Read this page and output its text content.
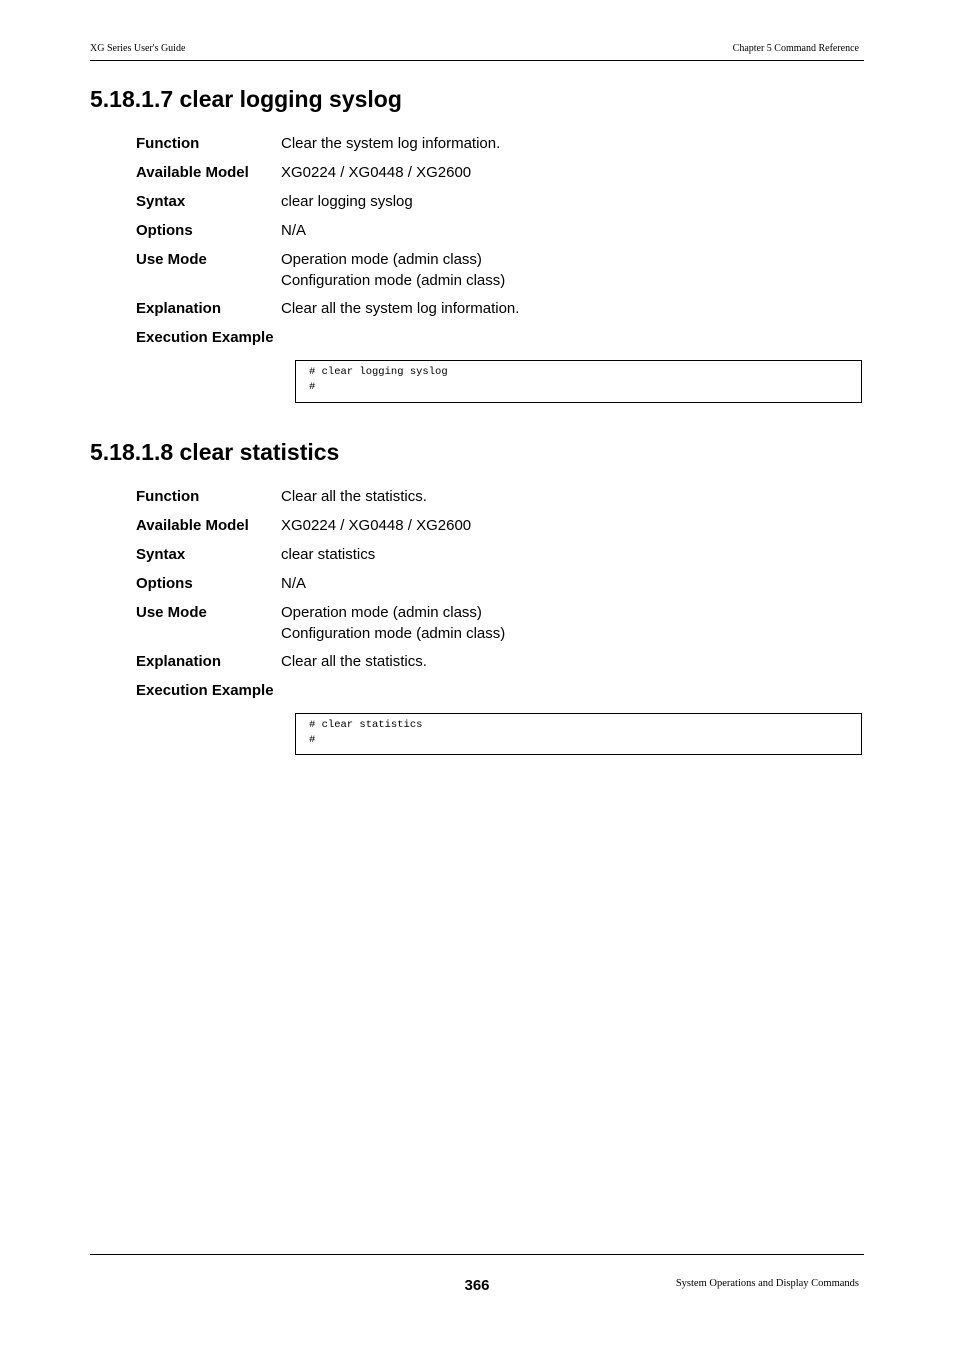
XG Series User's Guide	Chapter 5 Command Reference
5.18.1.7 clear logging syslog
Function	Clear the system log information.
Available Model XG0224 / XG0448 / XG2600
Syntax	clear logging syslog
Options	N/A
Use Mode	Operation mode (admin class)
Configuration mode (admin class)
Explanation	Clear all the system log information.
Execution Example
# clear logging syslog
#
5.18.1.8 clear statistics
Function	Clear all the statistics.
Available Model XG0224 / XG0448 / XG2600
Syntax	clear statistics
Options	N/A
Use Mode	Operation mode (admin class)
Configuration mode (admin class)
Explanation	Clear all the statistics.
Execution Example
# clear statistics
#
366	System Operations and Display Commands
